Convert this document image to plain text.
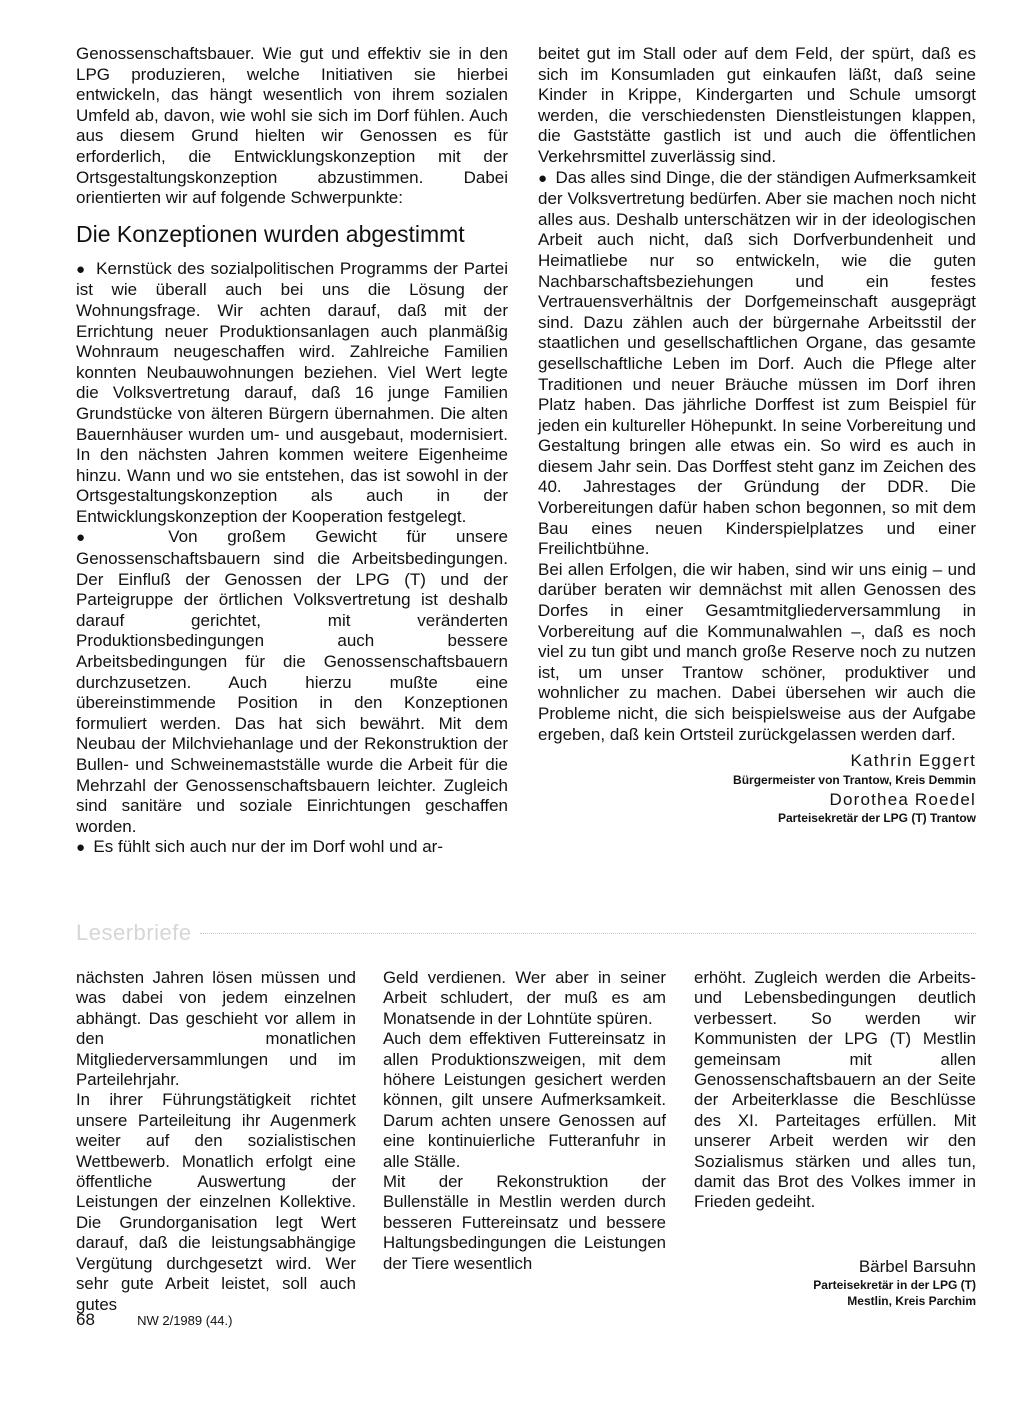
Genossenschaftsbauer. Wie gut und effektiv sie in den LPG produzieren, welche Initiativen sie hierbei entwickeln, das hängt wesentlich von ihrem sozialen Umfeld ab, davon, wie wohl sie sich im Dorf fühlen. Auch aus diesem Grund hielten wir Genossen es für erforderlich, die Entwicklungskonzeption mit der Ortsgestaltungskonzeption abzustimmen. Dabei orientierten wir auf folgende Schwerpunkte:

Die Konzeptionen wurden abgestimmt

●  Kernstück des sozialpolitischen Programms der Partei ist wie überall auch bei uns die Lösung der Wohnungsfrage. Wir achten darauf, daß mit der Errichtung neuer Produktionsanlagen auch planmäßig Wohnraum neugeschaffen wird. Zahlreiche Familien konnten Neubauwohnungen beziehen. Viel Wert legte die Volksvertretung darauf, daß 16 junge Familien Grundstücke von älteren Bürgern übernahmen. Die alten Bauernhäuser wurden um- und ausgebaut, modernisiert. In den nächsten Jahren kommen weitere Eigenheime hinzu. Wann und wo sie entstehen, das ist sowohl in der Ortsgestaltungskonzeption als auch in der Entwicklungskonzeption der Kooperation festgelegt.

●  Von großem Gewicht für unsere Genossenschaftsbauern sind die Arbeitsbedingungen. Der Einfluß der Genossen der LPG (T) und der Parteigruppe der örtlichen Volksvertretung ist deshalb darauf gerichtet, mit veränderten Produktionsbedingungen auch bessere Arbeitsbedingungen für die Genossenschaftsbauern durchzusetzen. Auch hierzu mußte eine übereinstimmende Position in den Konzeptionen formuliert werden. Das hat sich bewährt. Mit dem Neubau der Milchviehanlage und der Rekonstruktion der Bullen- und Schweinemastställe wurde die Arbeit für die Mehrzahl der Genossenschaftsbauern leichter. Zugleich sind sanitäre und soziale Einrichtungen geschaffen worden.

●  Es fühlt sich auch nur der im Dorf wohl und ar-

beitet gut im Stall oder auf dem Feld, der spürt, daß es sich im Konsumladen gut einkaufen läßt, daß seine Kinder in Krippe, Kindergarten und Schule umsorgt werden, die verschiedensten Dienstleistungen klappen, die Gaststätte gastlich ist und auch die öffentlichen Verkehrsmittel zuverlässig sind.

●  Das alles sind Dinge, die der ständigen Aufmerksamkeit der Volksvertretung bedürfen. Aber sie machen noch nicht alles aus. Deshalb unterschätzen wir in der ideologischen Arbeit auch nicht, daß sich Dorfverbundenheit und Heimatliebe nur so entwickeln, wie die guten Nachbarschaftsbeziehungen und ein festes Vertrauensverhältnis der Dorfgemeinschaft ausgeprägt sind. Dazu zählen auch der bürgernahe Arbeitsstil der staatlichen und gesellschaftlichen Organe, das gesamte gesellschaftliche Leben im Dorf. Auch die Pflege alter Traditionen und neuer Bräuche müssen im Dorf ihren Platz haben. Das jährliche Dorffest ist zum Beispiel für jeden ein kultureller Höhepunkt. In seine Vorbereitung und Gestaltung bringen alle etwas ein. So wird es auch in diesem Jahr sein. Das Dorffest steht ganz im Zeichen des 40. Jahrestages der Gründung der DDR. Die Vorbereitungen dafür haben schon begonnen, so mit dem Bau eines neuen Kinderspielplatzes und einer Freilichtbühne.

Bei allen Erfolgen, die wir haben, sind wir uns einig – und darüber beraten wir demnächst mit allen Genossen des Dorfes in einer Gesamtmitgliederversammlung in Vorbereitung auf die Kommunalwahlen –, daß es noch viel zu tun gibt und manch große Reserve noch zu nutzen ist, um unser Trantow schöner, produktiver und wohnlicher zu machen. Dabei übersehen wir auch die Probleme nicht, die sich beispielsweise aus der Aufgabe ergeben, daß kein Ortsteil zurückgelassen werden darf.

Kathrin Eggert
Bürgermeister von Trantow, Kreis Demmin
Dorothea Roedel
Parteisekretär der LPG (T) Trantow
Leserbriefe

nächsten Jahren lösen müssen und was dabei von jedem einzelnen abhängt. Das geschieht vor allem in den monatlichen Mitgliederversammlungen und im Parteilehrjahr.

In ihrer Führungstätigkeit richtet unsere Parteileitung ihr Augenmerk weiter auf den sozialistischen Wettbewerb. Monatlich erfolgt eine öffentliche Auswertung der Leistungen der einzelnen Kollektive. Die Grundorganisation legt Wert darauf, daß die leistungsabhängige Vergütung durchgesetzt wird. Wer sehr gute Arbeit leistet, soll auch gutes

Geld verdienen. Wer aber in seiner Arbeit schludert, der muß es am Monatsende in der Lohntüte spüren.

Auch dem effektiven Futtereinsatz in allen Produktionszweigen, mit dem höhere Leistungen gesichert werden können, gilt unsere Aufmerksamkeit. Darum achten unsere Genossen auf eine kontinuierliche Futteranfuhr in alle Ställe.

Mit der Rekonstruktion der Bullenställe in Mestlin werden durch besseren Futtereinsatz und bessere Haltungsbedingungen die Leistungen der Tiere wesentlich

erhöht. Zugleich werden die Arbeits- und Lebensbedingungen deutlich verbessert. So werden wir Kommunisten der LPG (T) Mestlin gemeinsam mit allen Genossenschaftsbauern an der Seite der Arbeiterklasse die Beschlüsse des XI. Parteitages erfüllen. Mit unserer Arbeit werden wir den Sozialismus stärken und alles tun, damit das Brot des Volkes immer in Frieden gedeiht.

Bärbel Barsuhn
Parteisekretär in der LPG (T)
Mestlin, Kreis Parchim
68	NW 2/1989 (44.)
